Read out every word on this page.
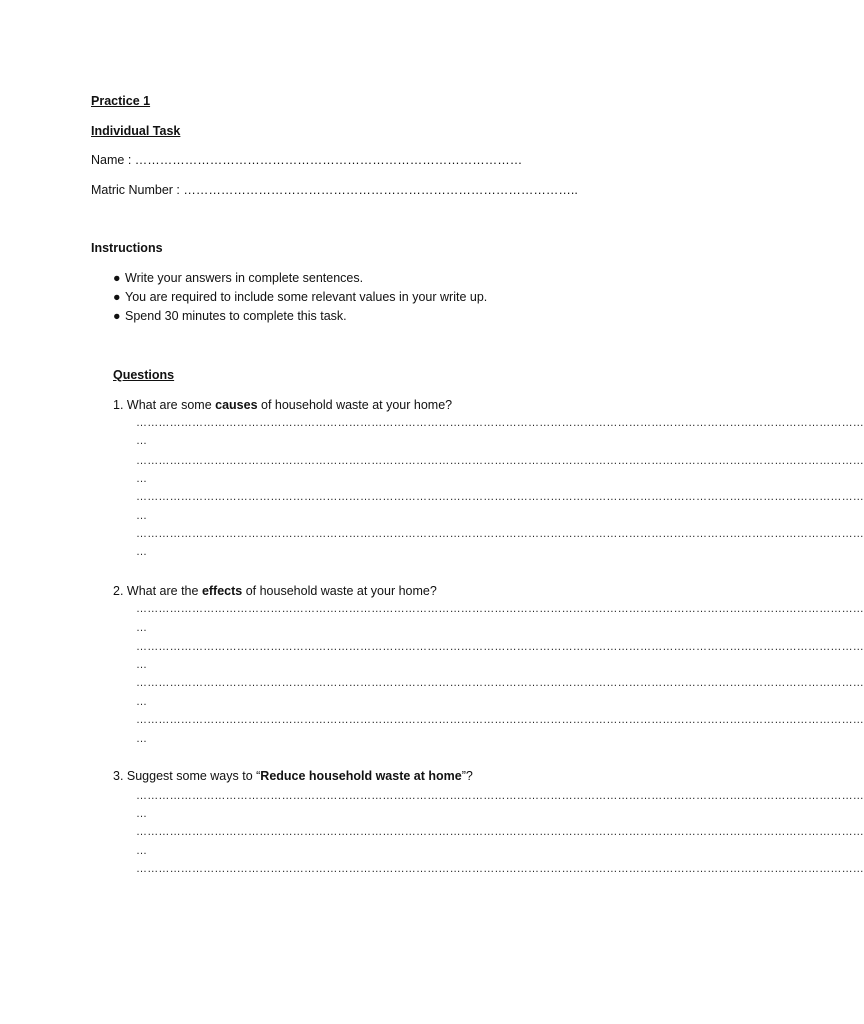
Practice 1
Individual Task
Name : …………………………………………………………………………………
Matric Number : …………………………………………………………………………………..
Instructions
● Write your answers in complete sentences.
● You are required to include some relevant values in your write up.
● Spend 30 minutes to complete this task.
Questions
1. What are some causes of household waste at your home?
……………………………………………………………………………………………………………………………………………………………………………
…
……………………………………………………………………………………………………………………………………………………………………………
…
……………………………………………………………………………………………………………………………………………………………………………
…
……………………………………………………………………………………………………………………………………………………………………………
…
2. What are the effects of household waste at your home?
……………………………………………………………………………………………………………………………………………………………………………
…
……………………………………………………………………………………………………………………………………………………………………………
…
……………………………………………………………………………………………………………………………………………………………………………
…
……………………………………………………………………………………………………………………………………………………………………………
…
3. Suggest some ways to “Reduce household waste at home”?
……………………………………………………………………………………………………………………………………………………………………………
…
……………………………………………………………………………………………………………………………………………………………………………
…
……………………………………………………………………………………………………………………………………………………………………………
